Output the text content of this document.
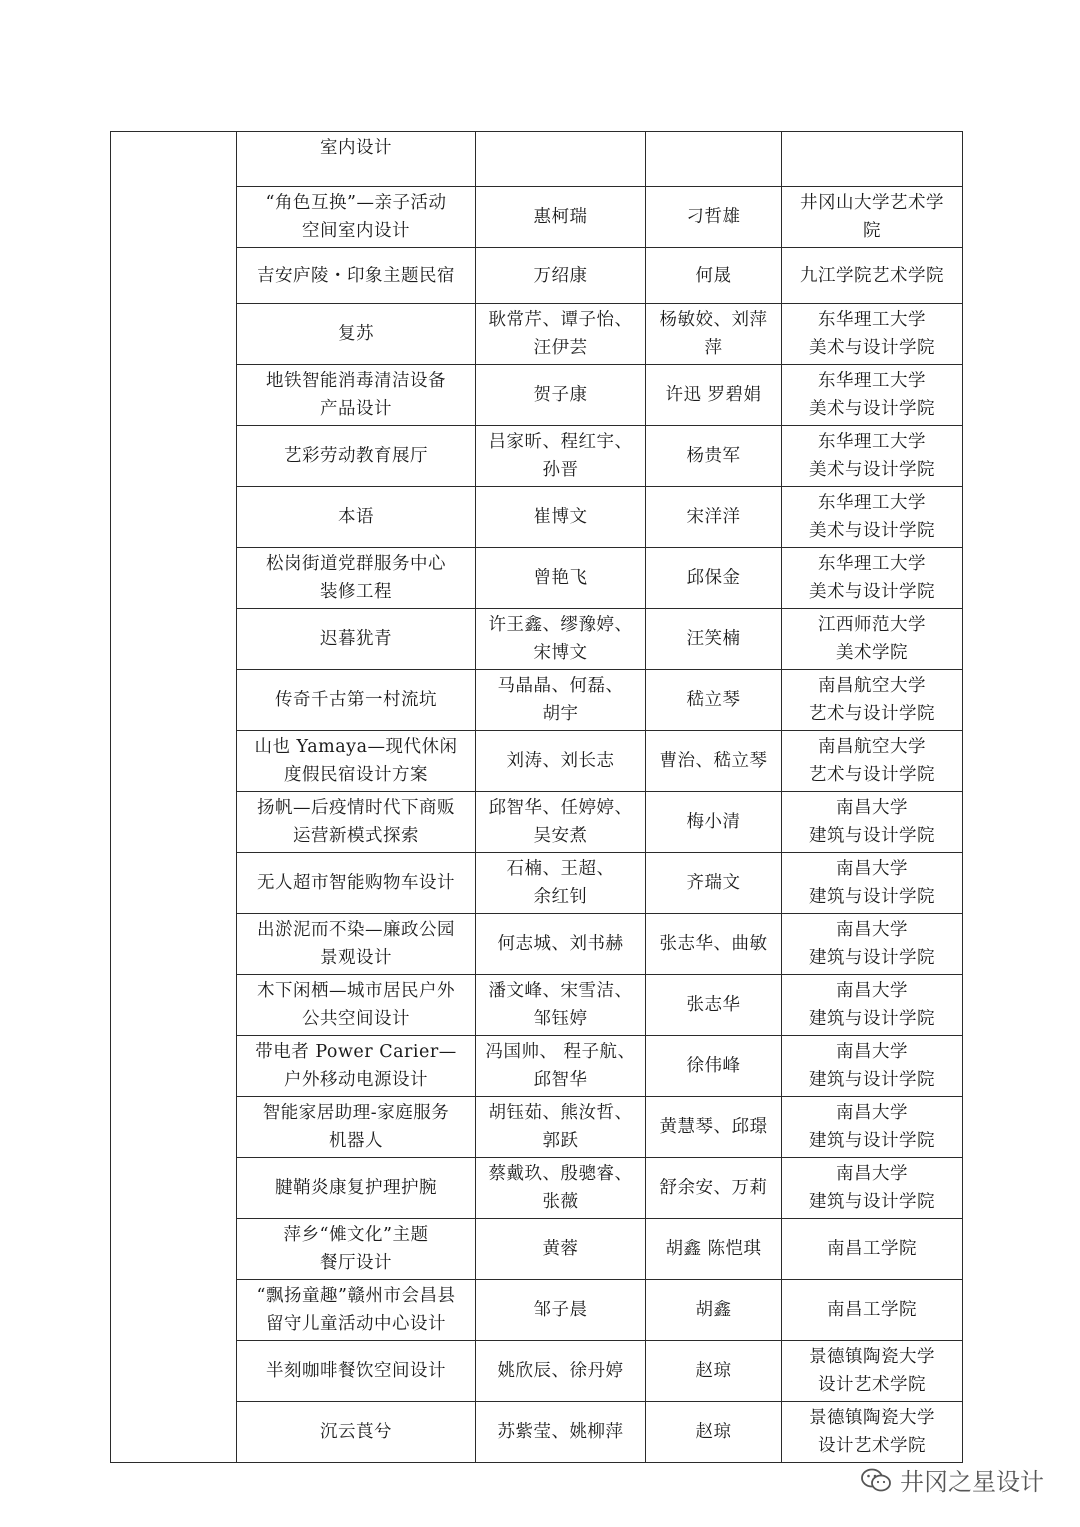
	室内设计			
	“角色互换”—亲子活动
空间室内设计	惠柯瑞	刁哲雄	井冈山大学艺术学
院
	吉安庐陵・印象主题民宿	万绍康	何晟	九江学院艺术学院
	复苏	耿常芹、谭子怡、
汪伊芸	杨敏姣、刘萍
萍	东华理工大学
美术与设计学院
	地铁智能消毒清洁设备
产品设计	贺子康	许迅 罗碧娟	东华理工大学
美术与设计学院
	艺彩劳动教育展厅	吕家昕、程红宇、
孙晋	杨贵军	东华理工大学
美术与设计学院
	本语	崔博文	宋洋洋	东华理工大学
美术与设计学院
	松岗街道党群服务中心
装修工程	曾艳飞	邱保金	东华理工大学
美术与设计学院
	迟暮犹青	许王鑫、缪豫婷、
宋博文	汪笑楠	江西师范大学
美术学院
	传奇千古第一村流坑	马晶晶、何磊、
胡宇	嵇立琴	南昌航空大学
艺术与设计学院
	山也 Yamaya—现代休闲
度假民宿设计方案	刘涛、刘长志	曹治、嵇立琴	南昌航空大学
艺术与设计学院
	扬帆—后疫情时代下商贩
运营新模式探索	邱智华、任婷婷、
吴安煮	梅小清	南昌大学
建筑与设计学院
	无人超市智能购物车设计	石楠、王超、
余红钊	齐瑞文	南昌大学
建筑与设计学院
	出淤泥而不染—廉政公园
景观设计	何志城、刘书赫	张志华、曲敏	南昌大学
建筑与设计学院
	木下闲栖—城市居民户外
公共空间设计	潘文峰、宋雪洁、
邹钰婷	张志华	南昌大学
建筑与设计学院
	带电者 Power Carier—
户外移动电源设计	冯国帅、 程子航、
邱智华	徐伟峰	南昌大学
建筑与设计学院
	智能家居助理-家庭服务
机器人	胡钰茹、熊汝哲、
郭跃	黄慧琴、邱璟	南昌大学
建筑与设计学院
	腱鞘炎康复护理护腕	蔡戴玖、殷骢睿、
张薇	舒余安、万莉	南昌大学
建筑与设计学院
	萍乡“傩文化”主题
餐厅设计	黄蓉	胡鑫 陈恺琪	南昌工学院
	“飘扬童趣”赣州市会昌县
留守儿童活动中心设计	邹子晨	胡鑫	南昌工学院
	半刻咖啡餐饮空间设计	姚欣辰、徐丹婷	赵琼	景德镇陶瓷大学
设计艺术学院
	沉云莨兮	苏紫莹、姚柳萍	赵琼	景德镇陶瓷大学
设计艺术学院
井冈之星设计
